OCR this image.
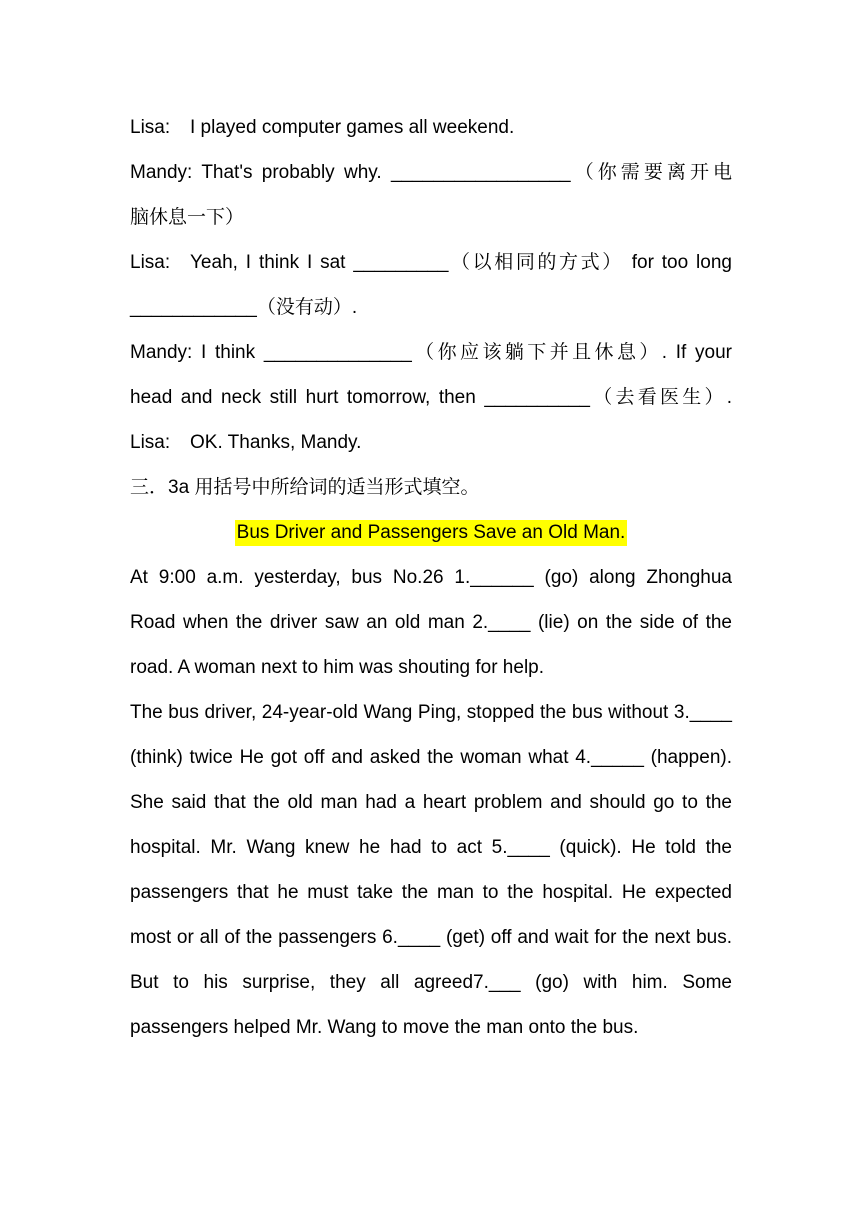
Lisa: I played computer games all weekend.
Mandy: That's probably why. _________________（你需要离开电
脑休息一下）
Lisa: Yeah, I think I sat _________（以相同的方式） for too long
____________（没有动）.
Mandy: I think ______________（你应该躺下并且休息）. If your
head and neck still hurt tomorrow, then __________（去看医生）.
Lisa: OK. Thanks, Mandy.
三．3a 用括号中所给词的适当形式填空。
Bus Driver and Passengers Save an Old Man.
At 9:00 a.m. yesterday, bus No.26 1.______ (go) along Zhonghua Road when the driver saw an old man 2.____ (lie) on the side of the road. A woman next to him was shouting for help.
The bus driver, 24-year-old Wang Ping, stopped the bus without 3.____ (think) twice He got off and asked the woman what 4._____ (happen). She said that the old man had a heart problem and should go to the hospital. Mr. Wang knew he had to act 5.____ (quick). He told the passengers that he must take the man to the hospital. He expected most or all of the passengers 6.____ (get) off and wait for the next bus. But to his surprise, they all agreed7.___ (go) with him. Some passengers helped Mr. Wang to move the man onto the bus.
